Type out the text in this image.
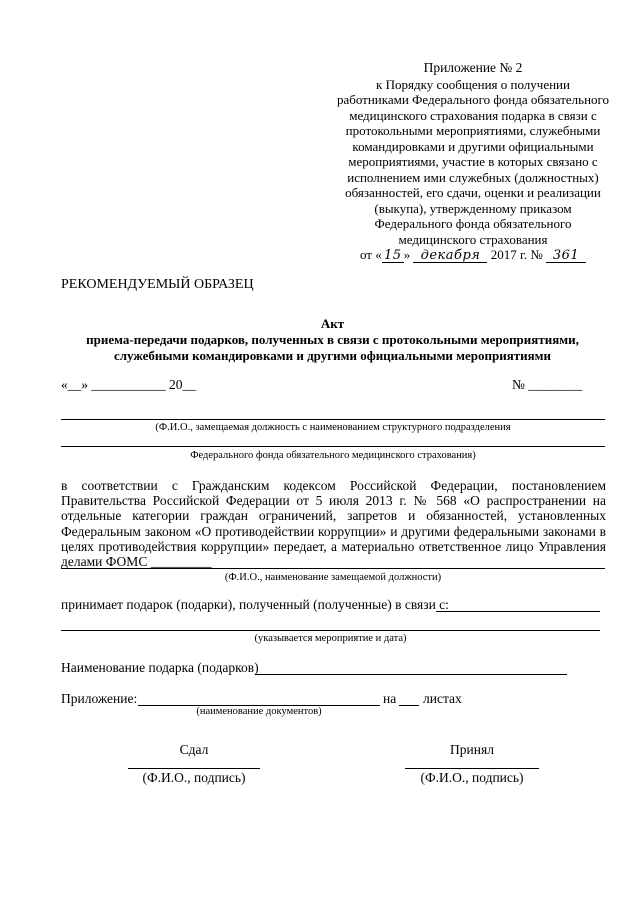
Приложение № 2
к Порядку сообщения о получении
работниками Федерального фонда обязательного
медицинского страхования подарка в связи с
протокольными мероприятиями, служебными
командировками и другими официальными
мероприятиями, участие в которых связано с
исполнением ими служебных (должностных)
обязанностей, его сдачи, оценки и реализации
(выкупа), утвержденному приказом
Федерального фонда обязательного
медицинского страхования
от « 15 » декабря 2017 г. № 361
РЕКОМЕНДУЕМЫЙ ОБРАЗЕЦ
Акт
приема-передачи подарков, полученных в связи с протокольными мероприятиями,
служебными командировками и другими официальными мероприятиями
«__» ___________ 20__	№ ________
(Ф.И.О., замещаемая должность с наименованием структурного подразделения
Федерального фонда обязательного медицинского страхования)
в соответствии с Гражданским кодексом Российской Федерации, постановлением Правительства Российской Федерации от 5 июля 2013 г. № 568 «О распространении на отдельные категории граждан ограничений, запретов и обязанностей, установленных Федеральным законом «О противодействии коррупции» и другими федеральными законами в целях противодействия коррупции» передает, а материально ответственное лицо Управления делами ФОМС _________
(Ф.И.О., наименование замещаемой должности)
принимает подарок (подарки), полученный (полученные) в связи с:
(указывается мероприятие и дата)
Наименование подарка (подарков)
Приложение:
(наименование документов)
на листах
Сдал
(Ф.И.О., подпись)
Принял
(Ф.И.О., подпись)
